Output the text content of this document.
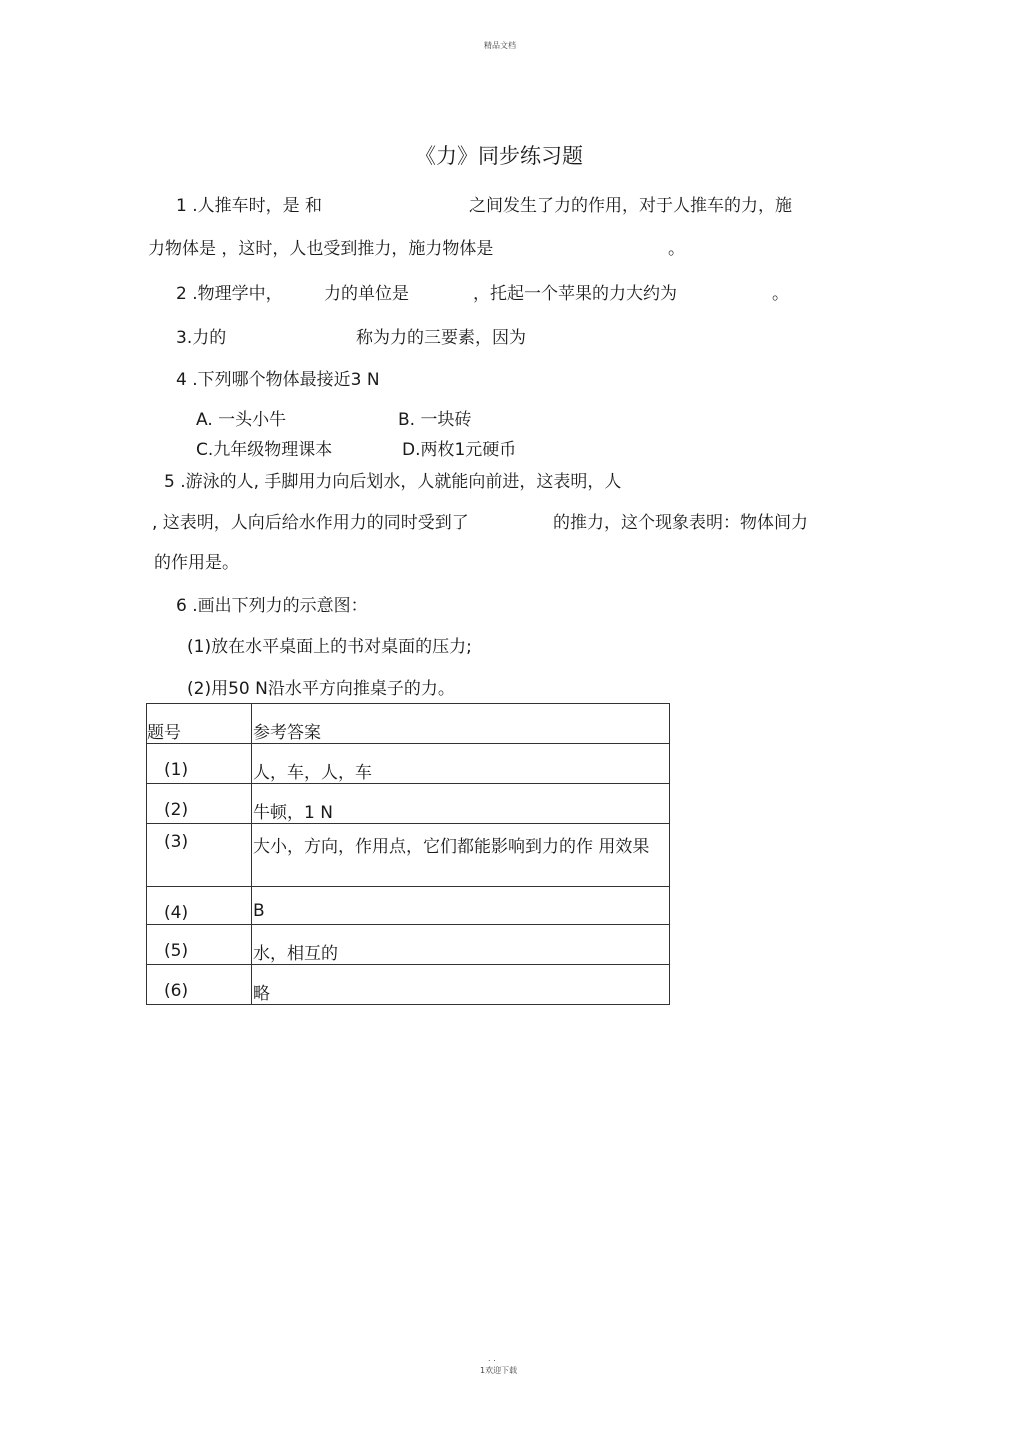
精品文档
《力》同步练习题
1 .人推车时，是 和	之间发生了力的作用，对于人推车的力，施
力物体是 ，这时，人也受到推力，施力物体是	。
2 .物理学中， 力的单位是	，托起一个苹果的力大约为	。
3.力的	称为力的三要素，因为
4 .下列哪个物体最接近3 N
A. 一头小牛	B. 一块砖
C.九年级物理课本	D.两枚1元硬币
5 .游泳的人, 手脚用力向后划水，人就能向前进，这表明，人
, 这表明，人向后给水作用力的同时受到了	的推力，这个现象表明：物体间力
的作用是。
6 .画出下列力的示意图：
(1)放在水平桌面上的书对桌面的压力;
(2)用50 N沿水平方向推桌子的力。
题号	参考答案

(1)	人，车，人，车

(2)	牛顿，1 N

(3)	大小，方向，作用点，它们都能影响到力的作 用效果

(4)	B

(5)	水，相互的

(6)	略
. .
1欢迎下载
